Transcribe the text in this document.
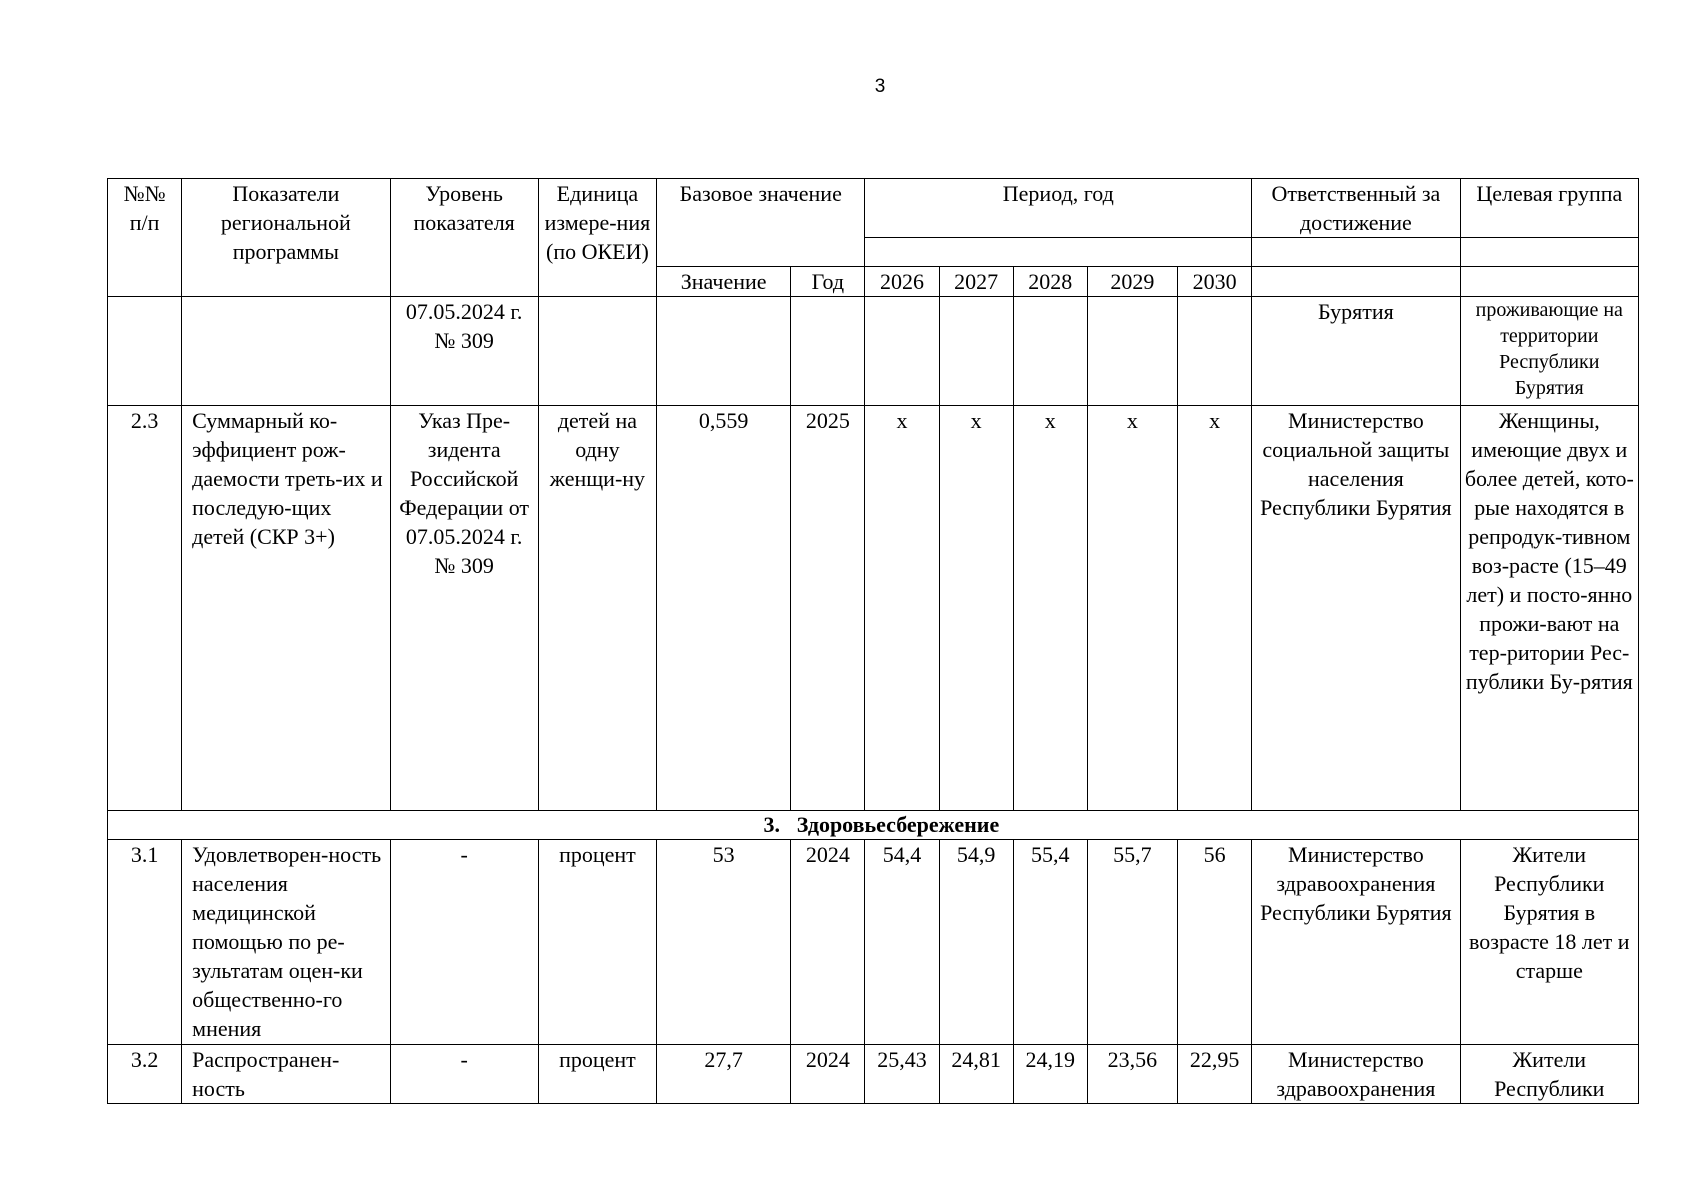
3
№№ п/п	Показатели региональной программы	Уровень показателя	Единица измере-ния (по ОКЕИ)	Базовое значение		Период, год					Ответственный за достижение	Целевая группа

				Значение	Год	2026	2027	2028	2029	2030		
		07.05.2024 г. № 309									Бурятия	проживающие на территории Республики Бурятия
2.3	Суммарный ко-эффициент рож-даемости треть-их и последую-щих детей (СКР 3+)	Указ Пре-зидента Российской Федерации от 07.05.2024 г. № 309	детей на одну женщи-ну	0,559	2025	х	х	х	х	х	Министерство социальной защиты населения Республики Бурятия	Женщины, имеющие двух и более детей, кото-рые находятся в репродук-тивном воз-расте (15–49 лет) и посто-янно прожи-вают на тер-ритории Рес-публики Бу-рятия
3. Здоровьесбережение												
3.1	Удовлетворен-ность населения медицинской помощью по ре-зультатам оцен-ки общественно-го мнения	-	процент	53	2024	54,4	54,9	55,4	55,7	56	Министерство здравоохранения Республики Бурятия	Жители Республики Бурятия в возрасте 18 лет и старше
3.2	Распространен-ность	-	процент	27,7	2024	25,43	24,81	24,19	23,56	22,95	Министерство здравоохранения	Жители Республики
